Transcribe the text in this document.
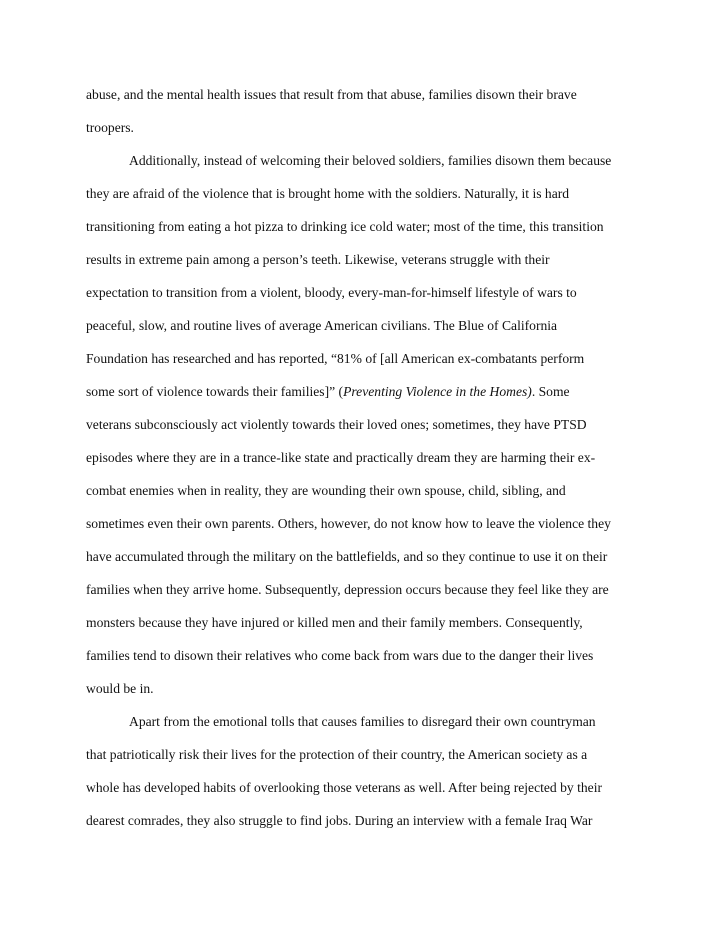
abuse, and the mental health issues that result from that abuse, families disown their brave
troopers.
Additionally, instead of welcoming their beloved soldiers, families disown them because
they are afraid of the violence that is brought home with the soldiers. Naturally, it is hard
transitioning from eating a hot pizza to drinking ice cold water; most of the time, this transition
results in extreme pain among a person’s teeth. Likewise, veterans struggle with their
expectation to transition from a violent, bloody, every-man-for-himself lifestyle of wars to
peaceful, slow, and routine lives of average American civilians. The Blue of California
Foundation has researched and has reported, “81% of [all American ex-combatants perform
some sort of violence towards their families]” (Preventing Violence in the Homes). Some
veterans subconsciously act violently towards their loved ones; sometimes, they have PTSD
episodes where they are in a trance-like state and practically dream they are harming their ex-
combat enemies when in reality, they are wounding their own spouse, child, sibling, and
sometimes even their own parents. Others, however, do not know how to leave the violence they
have accumulated through the military on the battlefields, and so they continue to use it on their
families when they arrive home. Subsequently, depression occurs because they feel like they are
monsters because they have injured or killed men and their family members. Consequently,
families tend to disown their relatives who come back from wars due to the danger their lives
would be in.
Apart from the emotional tolls that causes families to disregard their own countryman
that patriotically risk their lives for the protection of their country, the American society as a
whole has developed habits of overlooking those veterans as well. After being rejected by their
dearest comrades, they also struggle to find jobs. During an interview with a female Iraq War
